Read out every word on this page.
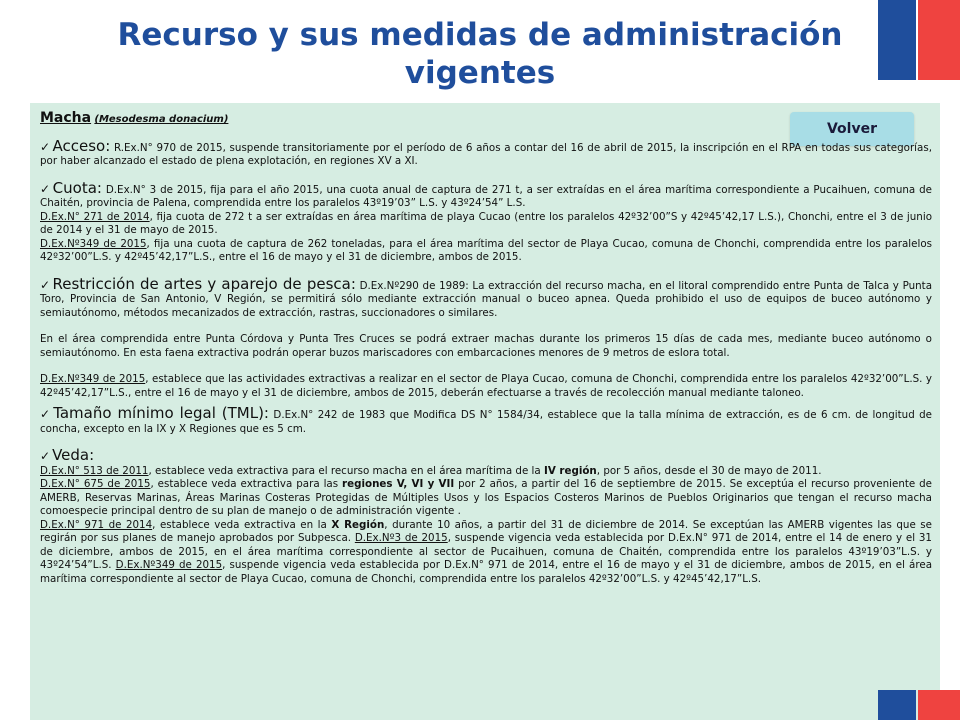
Recurso y sus medidas de administración vigentes
Volver

Macha (Mesodesma donacium)

✓ Acceso: R.Ex.N° 970 de 2015, suspende transitoriamente por el período de 6 años a contar del 16 de abril de 2015, la inscripción en el RPA en todas sus categorías, por haber alcanzado el estado de plena explotación, en regiones XV a XI.

✓ Cuota: D.Ex.N° 3 de 2015, fija para el año 2015, una cuota anual de captura de 271 t, a ser extraídas en el área marítima correspondiente a Pucaihuen, comuna de Chaitén, provincia de Palena, comprendida entre los paralelos 43º19’03” L.S. y 43º24’54” L.S.

D.Ex.N° 271 de 2014, fija cuota de 272 t a ser extraídas en área marítima de playa Cucao (entre los paralelos 42º32’00”S y 42º45’42,17 L.S.), Chonchi, entre el 3 de junio de 2014 y el 31 de mayo de 2015.

D.Ex.Nº349 de 2015, fija una cuota de captura de 262 toneladas, para el área marítima del sector de Playa Cucao, comuna de Chonchi, comprendida entre los paralelos 42º32’00”L.S. y 42º45’42,17”L.S., entre el 16 de mayo y el 31 de diciembre, ambos de 2015.

✓ Restricción de artes y aparejo de pesca: D.Ex.Nº290 de 1989: La extracción del recurso macha, en el litoral comprendido entre Punta de Talca y Punta Toro, Provincia de San Antonio, V Región, se permitirá sólo mediante extracción manual o buceo apnea. Queda prohibido el uso de equipos de buceo autónomo y semiautónomo, métodos mecanizados de extracción, rastras, succionadores o similares.

En el área comprendida entre Punta Córdova y Punta Tres Cruces se podrá extraer machas durante los primeros 15 días de cada mes, mediante buceo autónomo o semiautónomo. En esta faena extractiva podrán operar buzos mariscadores con embarcaciones menores de 9 metros de eslora total.

D.Ex.Nº349 de 2015, establece que las actividades extractivas a realizar en el sector de Playa Cucao, comuna de Chonchi, comprendida entre los paralelos 42º32’00”L.S. y 42º45’42,17”L.S., entre el 16 de mayo y el 31 de diciembre, ambos de 2015, deberán efectuarse a través de recolección manual mediante taloneo.

✓ Tamaño mínimo legal (TML): D.Ex.N° 242 de 1983 que Modifica DS N° 1584/34, establece que la talla mínima de extracción, es de 6 cm. de longitud de concha, excepto en la IX y X Regiones que es 5 cm.

✓ Veda:

D.Ex.N° 513 de 2011, establece veda extractiva para el recurso macha en el área marítima de la IV región, por 5 años, desde el 30 de mayo de 2011.

D.Ex.N° 675 de 2015, establece veda extractiva para las regiones V, VI y VII por 2 años, a partir del 16 de septiembre de 2015. Se exceptúa el recurso proveniente de AMERB, Reservas Marinas, Áreas Marinas Costeras Protegidas de Múltiples Usos y los Espacios Costeros Marinos de Pueblos Originarios que tengan el recurso macha comoespecie principal dentro de su plan de manejo o de administración vigente .

D.Ex.N° 971 de 2014, establece veda extractiva en la X Región, durante 10 años, a partir del 31 de diciembre de 2014. Se exceptúan las AMERB vigentes las que se regirán por sus planes de manejo aprobados por Subpesca. D.Ex.Nº3 de 2015, suspende vigencia veda establecida por D.Ex.N° 971 de 2014, entre el 14 de enero y el 31 de diciembre, ambos de 2015, en el área marítima correspondiente al sector de Pucaihuen, comuna de Chaitén, comprendida entre los paralelos 43º19’03”L.S. y 43º24’54”L.S. D.Ex.Nº349 de 2015, suspende vigencia veda establecida por D.Ex.N° 971 de 2014, entre el 16 de mayo y el 31 de diciembre, ambos de 2015, en el área marítima correspondiente al sector de Playa Cucao, comuna de Chonchi, comprendida entre los paralelos 42º32’00”L.S. y 42º45’42,17”L.S.
